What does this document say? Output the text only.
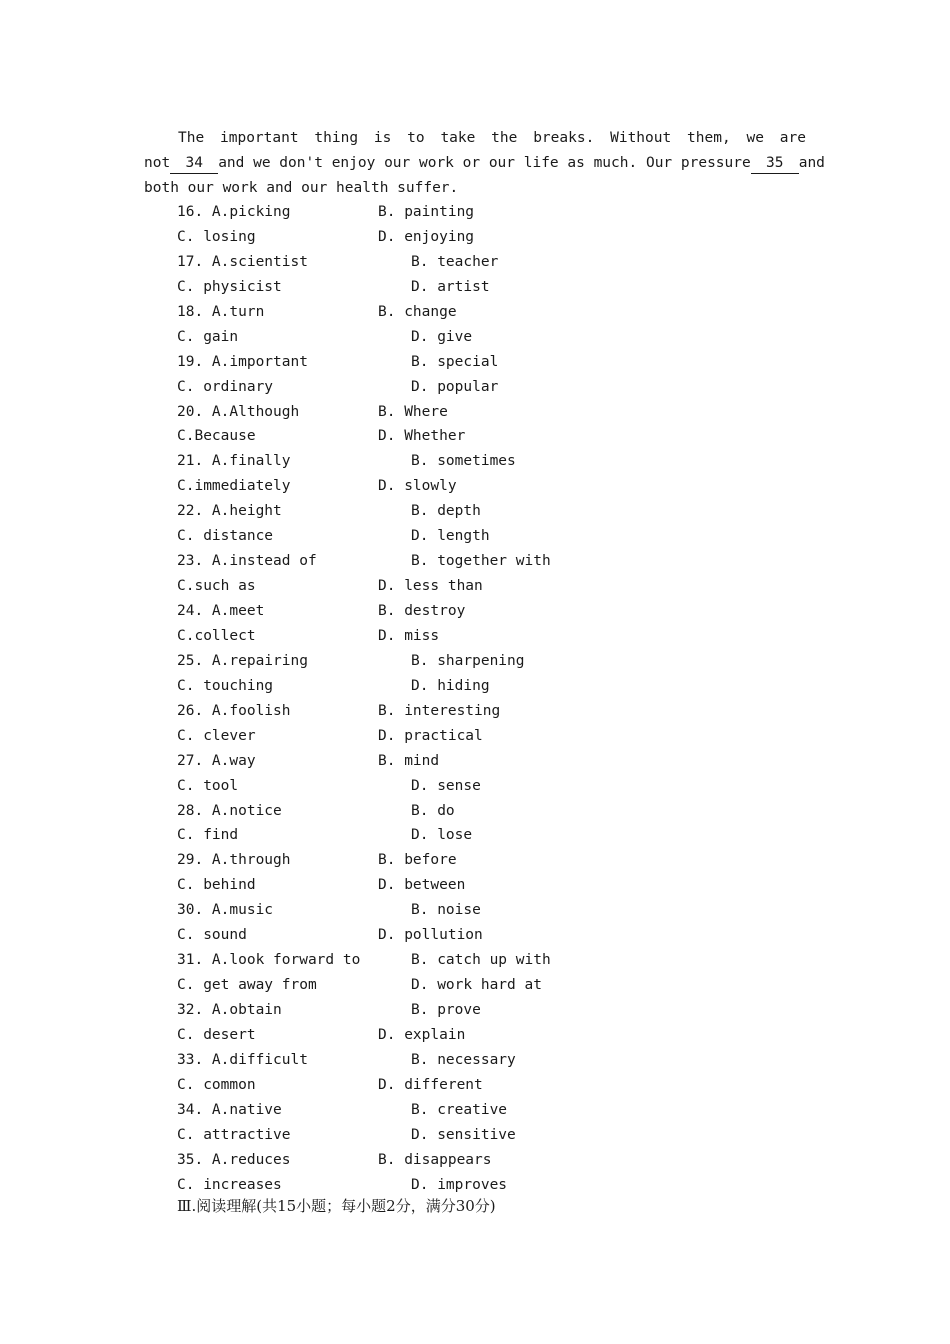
The important thing is to take the breaks. Without them, we are
not 34 and we don't enjoy our work or our life as much. Our pressure 35 and
both our work and our health suffer.
16. A.picking	B. painting
C. losing	D. enjoying
17. A.scientist	B. teacher
C. physicist	D. artist
18. A.turn	B. change
C. gain	D. give
19. A.important	B. special
C. ordinary	D. popular
20. A.Although	B. Where
C.Because	D. Whether
21. A.finally	B. sometimes
C.immediately	D. slowly
22. A.height	B. depth
C. distance	D. length
23. A.instead of	B. together with
C.such as	D. less than
24. A.meet	B. destroy
C.collect	D. miss
25. A.repairing	B. sharpening
C. touching	D. hiding
26. A.foolish	B. interesting
C. clever	D. practical
27. A.way	B. mind
C. tool	D. sense
28. A.notice	B. do
C. find	D. lose
29. A.through	B. before
C. behind	D. between
30. A.music	B. noise
C. sound	D. pollution
31. A.look forward to	B. catch up with
C. get away from	D. work hard at
32. A.obtain	B. prove
C. desert	D. explain
33. A.difficult	B. necessary
C. common	D. different
34. A.native	B. creative
C. attractive	D. sensitive
35. A.reduces	B. disappears
C. increases	D. improves
Ⅲ.阅读理解(共15小题；每小题2分，满分30分)
